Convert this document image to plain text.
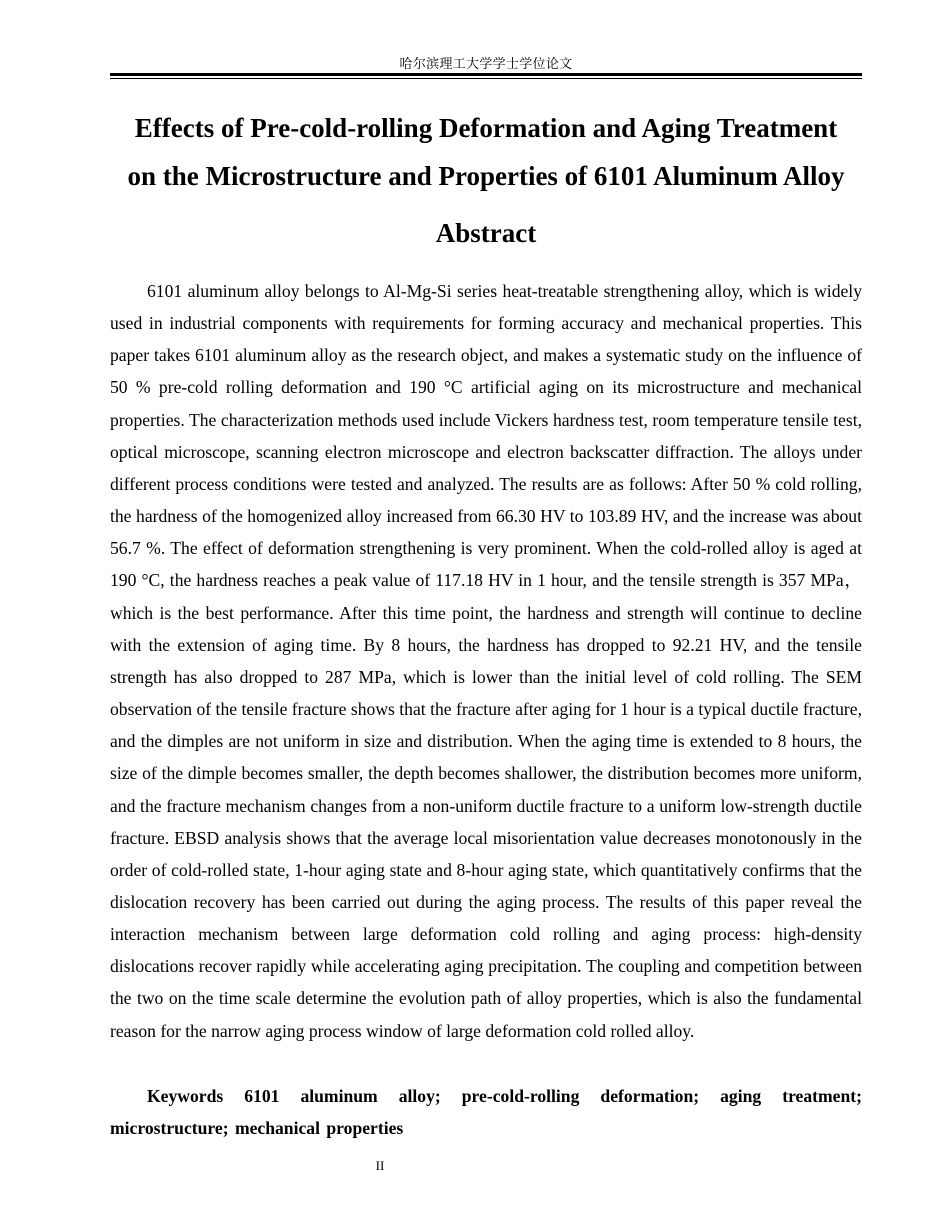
哈尔滨理工大学学士学位论文
Effects of Pre-cold-rolling Deformation and Aging Treatment
on the Microstructure and Properties of 6101 Aluminum Alloy
Abstract

6101 aluminum alloy belongs to Al-Mg-Si series heat-treatable strengthening alloy, which is widely used in industrial components with requirements for forming accuracy and mechanical properties. This paper takes 6101 aluminum alloy as the research object, and makes a systematic study on the influence of 50 % pre-cold rolling deformation and 190 °C artificial aging on its microstructure and mechanical properties. The characterization methods used include Vickers hardness test, room temperature tensile test, optical microscope, scanning electron microscope and electron backscatter diffraction. The alloys under different process conditions were tested and analyzed. The results are as follows: After 50 % cold rolling, the hardness of the homogenized alloy increased from 66.30 HV to 103.89 HV, and the increase was about 56.7 %. The effect of deformation strengthening is very prominent. When the cold-rolled alloy is aged at 190 °C, the hardness reaches a peak value of 117.18 HV in 1 hour, and the tensile strength is 357 MPa， which is the best performance. After this time point, the hardness and strength will continue to decline with the extension of aging time. By 8 hours, the hardness has dropped to 92.21 HV, and the tensile strength has also dropped to 287 MPa, which is lower than the initial level of cold rolling. The SEM observation of the tensile fracture shows that the fracture after aging for 1 hour is a typical ductile fracture, and the dimples are not uniform in size and distribution. When the aging time is extended to 8 hours, the size of the dimple becomes smaller, the depth becomes shallower, the distribution becomes more uniform, and the fracture mechanism changes from a non-uniform ductile fracture to a uniform low-strength ductile fracture. EBSD analysis shows that the average local misorientation value decreases monotonously in the order of cold-rolled state, 1-hour aging state and 8-hour aging state, which quantitatively confirms that the dislocation recovery has been carried out during the aging process. The results of this paper reveal the interaction mechanism between large deformation cold rolling and aging process: high-density dislocations recover rapidly while accelerating aging precipitation. The coupling and competition between the two on the time scale determine the evolution path of alloy properties, which is also the fundamental reason for the narrow aging process window of large deformation cold rolled alloy.

Keywords 6101 aluminum alloy; pre-cold-rolling deformation; aging treatment; microstructure; mechanical properties

II
